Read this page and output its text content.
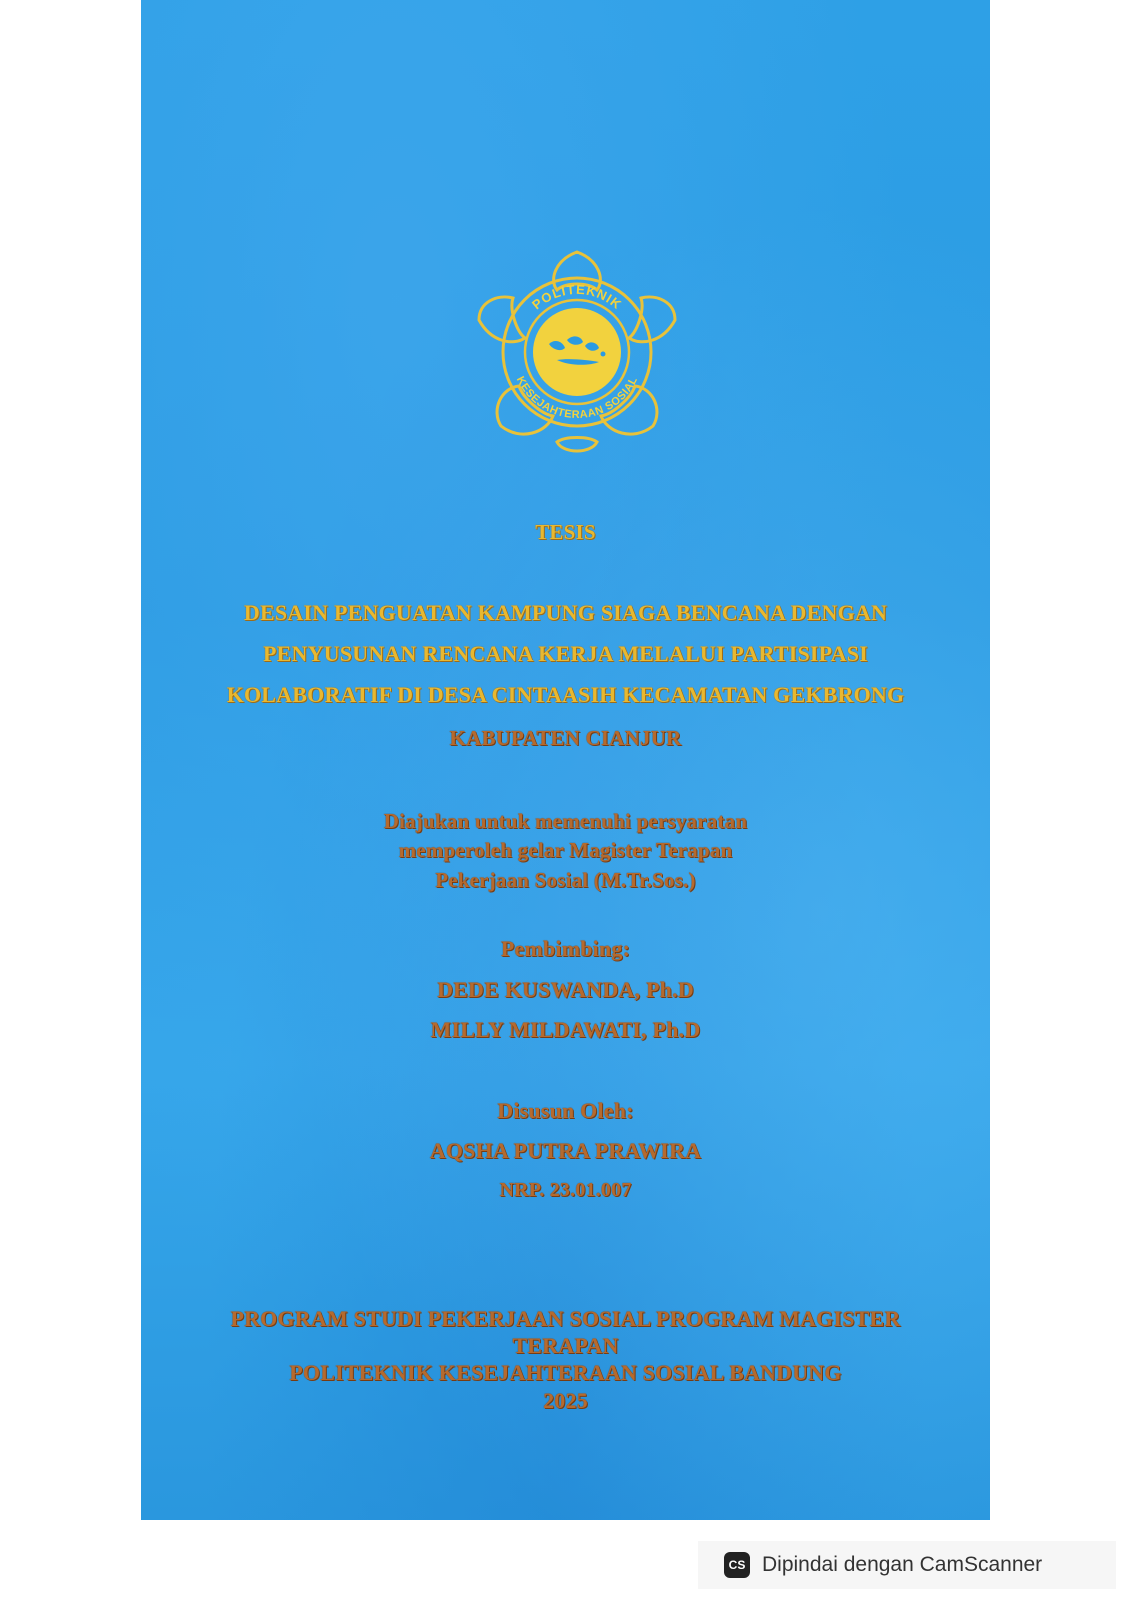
POLITEKNIK
KESEJAHTERAAN SOSIAL

TESIS

DESAIN PENGUATAN KAMPUNG SIAGA BENCANA DENGAN

PENYUSUNAN RENCANA KERJA MELALUI PARTISIPASI

KOLABORATIF DI DESA CINTAASIH KECAMATAN GEKBRONG

KABUPATEN CIANJUR

Diajukan untuk memenuhi persyaratan

memperoleh gelar Magister Terapan

Pekerjaan Sosial (M.Tr.Sos.)

Pembimbing:

DEDE KUSWANDA, Ph.D

MILLY MILDAWATI, Ph.D

Disusun Oleh:

AQSHA PUTRA PRAWIRA

NRP. 23.01.007

PROGRAM STUDI PEKERJAAN SOSIAL PROGRAM MAGISTER

TERAPAN

POLITEKNIK KESEJAHTERAAN SOSIAL BANDUNG

2025

CS Dipindai dengan CamScanner
